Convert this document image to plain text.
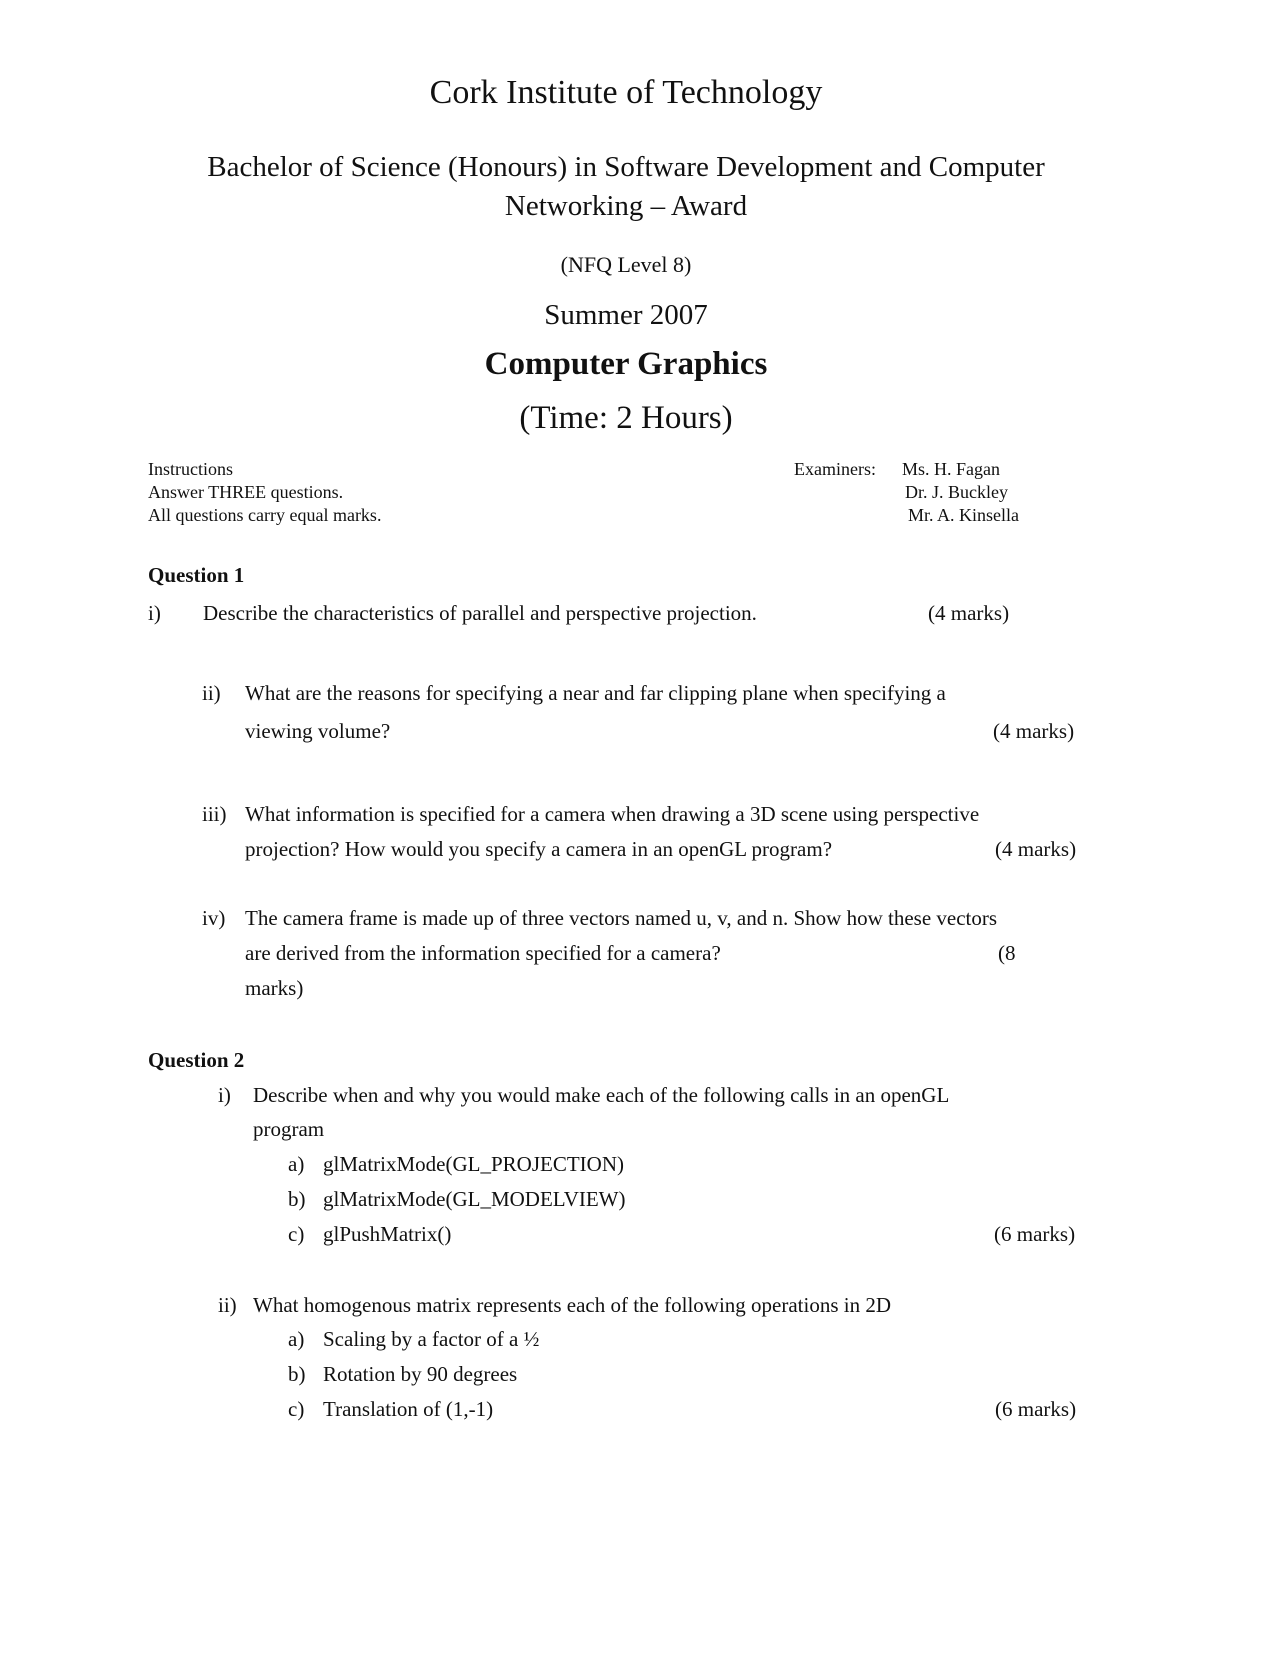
Cork Institute of Technology
Bachelor of Science (Honours) in Software Development and Computer
Networking – Award
(NFQ Level 8)
Summer 2007
Computer Graphics
(Time: 2 Hours)
Instructions
Answer THREE questions.
All questions carry equal marks.
Examiners: Ms. H. Fagan
Dr. J. Buckley
Mr. A. Kinsella
Question 1
i) Describe the characteristics of parallel and perspective projection.	(4 marks)
ii) What are the reasons for specifying a near and far clipping plane when specifying a
viewing volume?	(4 marks)
iii) What information is specified for a camera when drawing a 3D scene using perspective
projection? How would you specify a camera in an openGL program?	(4 marks)
iv) The camera frame is made up of three vectors named u, v, and n. Show how these vectors
are derived from the information specified for a camera?	(8
marks)
Question 2
i) Describe when and why you would make each of the following calls in an openGL
program
a) glMatrixMode(GL_PROJECTION)
b) glMatrixMode(GL_MODELVIEW)
c) glPushMatrix()	(6 marks)
ii) What homogenous matrix represents each of the following operations in 2D
a) Scaling by a factor of a ½
b) Rotation by 90 degrees
c) Translation of (1,-1)	(6 marks)
